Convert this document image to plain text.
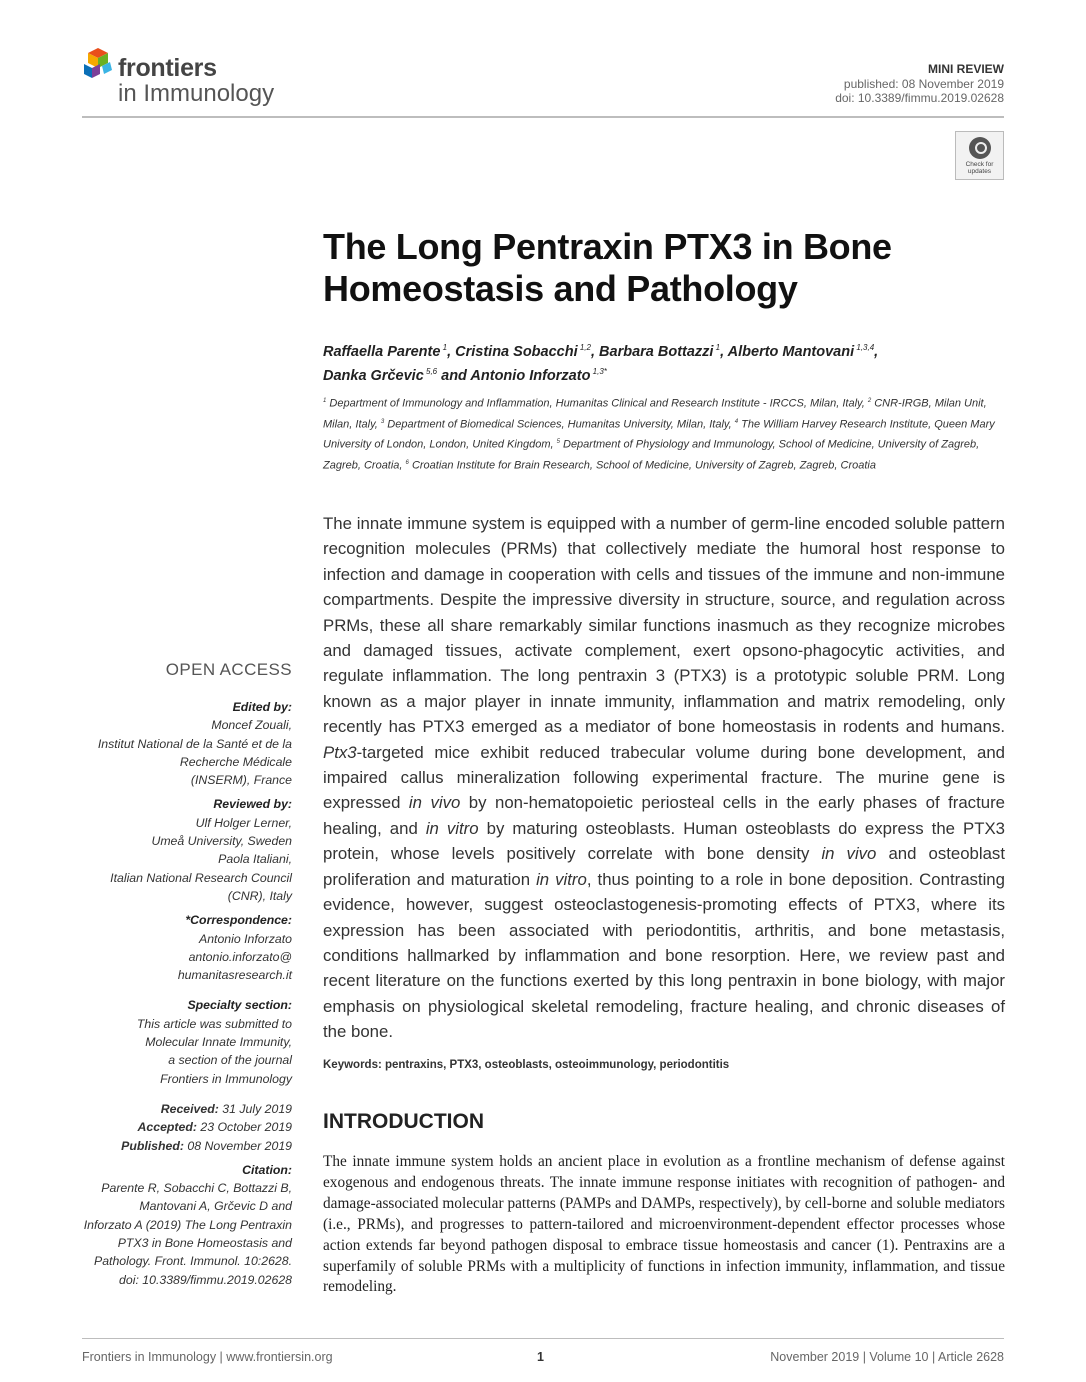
frontiers
in Immunology
MINI REVIEW
published: 08 November 2019
doi: 10.3389/fimmu.2019.02628
Check for updates
The Long Pentraxin PTX3 in Bone Homeostasis and Pathology
Raffaella Parente $^1$, Cristina Sobacchi $^{1,2}$, Barbara Bottazzi $^1$, Alberto Mantovani $^{1,3,4}$,
Danka Grčevic $^{5,6}$ and Antonio Inforzato $^{1,3*}$
$^1$ Department of Immunology and Inflammation, Humanitas Clinical and Research Institute - IRCCS, Milan, Italy, $^2$ CNR-IRGB, Milan Unit, Milan, Italy, $^3$ Department of Biomedical Sciences, Humanitas University, Milan, Italy, $^4$ The William Harvey Research Institute, Queen Mary University of London, London, United Kingdom, $^5$ Department of Physiology and Immunology, School of Medicine, University of Zagreb, Zagreb, Croatia, $^6$ Croatian Institute for Brain Research, School of Medicine, University of Zagreb, Zagreb, Croatia
The innate immune system is equipped with a number of germ-line encoded soluble pattern recognition molecules (PRMs) that collectively mediate the humoral host response to infection and damage in cooperation with cells and tissues of the immune and non-immune compartments. Despite the impressive diversity in structure, source, and regulation across PRMs, these all share remarkably similar functions inasmuch as they recognize microbes and damaged tissues, activate complement, exert opsono-phagocytic activities, and regulate inflammation. The long pentraxin 3 (PTX3) is a prototypic soluble PRM. Long known as a major player in innate immunity, inflammation and matrix remodeling, only recently has PTX3 emerged as a mediator of bone homeostasis in rodents and humans. Ptx3-targeted mice exhibit reduced trabecular volume during bone development, and impaired callus mineralization following experimental fracture. The murine gene is expressed in vivo by non-hematopoietic periosteal cells in the early phases of fracture healing, and in vitro by maturing osteoblasts. Human osteoblasts do express the PTX3 protein, whose levels positively correlate with bone density in vivo and osteoblast proliferation and maturation in vitro, thus pointing to a role in bone deposition. Contrasting evidence, however, suggest osteoclastogenesis-promoting effects of PTX3, where its expression has been associated with periodontitis, arthritis, and bone metastasis, conditions hallmarked by inflammation and bone resorption. Here, we review past and recent literature on the functions exerted by this long pentraxin in bone biology, with major emphasis on physiological skeletal remodeling, fracture healing, and chronic diseases of the bone.
Keywords: pentraxins, PTX3, osteoblasts, osteoimmunology, periodontitis
INTRODUCTION
The innate immune system holds an ancient place in evolution as a frontline mechanism of defense against exogenous and endogenous threats. The innate immune response initiates with recognition of pathogen- and damage-associated molecular patterns (PAMPs and DAMPs, respectively), by cell-borne and soluble mediators (i.e., PRMs), and progresses to pattern-tailored and microenvironment-dependent effector processes whose action extends far beyond pathogen disposal to embrace tissue homeostasis and cancer (1). Pentraxins are a superfamily of soluble PRMs with a multiplicity of functions in infection immunity, inflammation, and tissue remodeling.
OPEN ACCESS
Edited by:
Moncef Zouali,
Institut National de la Santé et de la
Recherche Médicale
(INSERM), France
Reviewed by:
Ulf Holger Lerner,
Umeå University, Sweden
Paola Italiani,
Italian National Research Council
(CNR), Italy
*Correspondence:
Antonio Inforzato
antonio.inforzato@
humanitasresearch.it
Specialty section:
This article was submitted to
Molecular Innate Immunity,
a section of the journal
Frontiers in Immunology
Received: 31 July 2019
Accepted: 23 October 2019
Published: 08 November 2019
Citation:
Parente R, Sobacchi C, Bottazzi B,
Mantovani A, Grčevic D and
Inforzato A (2019) The Long Pentraxin
PTX3 in Bone Homeostasis and
Pathology. Front. Immunol. 10:2628.
doi: 10.3389/fimmu.2019.02628
Frontiers in Immunology | www.frontiersin.org	1	November 2019 | Volume 10 | Article 2628
